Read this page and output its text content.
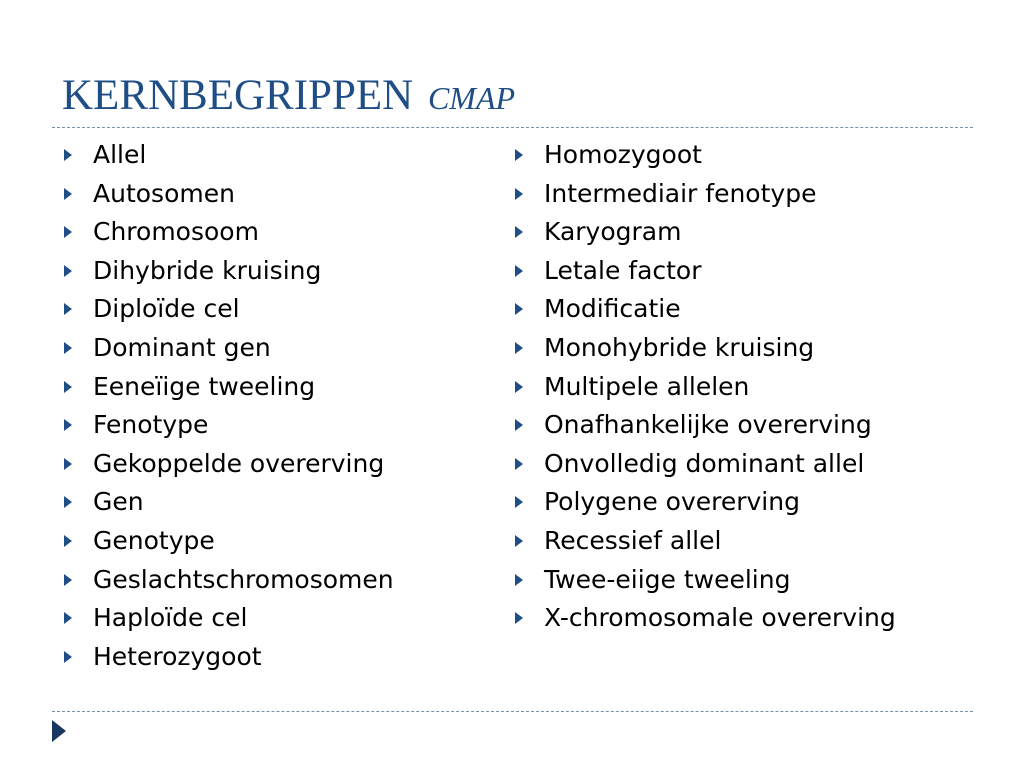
KERNBEGRIPPEN CMAP
Allel
Autosomen
Chromosoom
Dihybride kruising
Diploïde cel
Dominant gen
Eeneïige tweeling
Fenotype
Gekoppelde overerving
Gen
Genotype
Geslachtschromosomen
Haploïde cel
Heterozygoot
Homozygoot
Intermediair fenotype
Karyogram
Letale factor
Modificatie
Monohybride kruising
Multipele allelen
Onafhankelijke overerving
Onvolledig dominant allel
Polygene overerving
Recessief allel
Twee-eiige tweeling
X-chromosomale overerving
